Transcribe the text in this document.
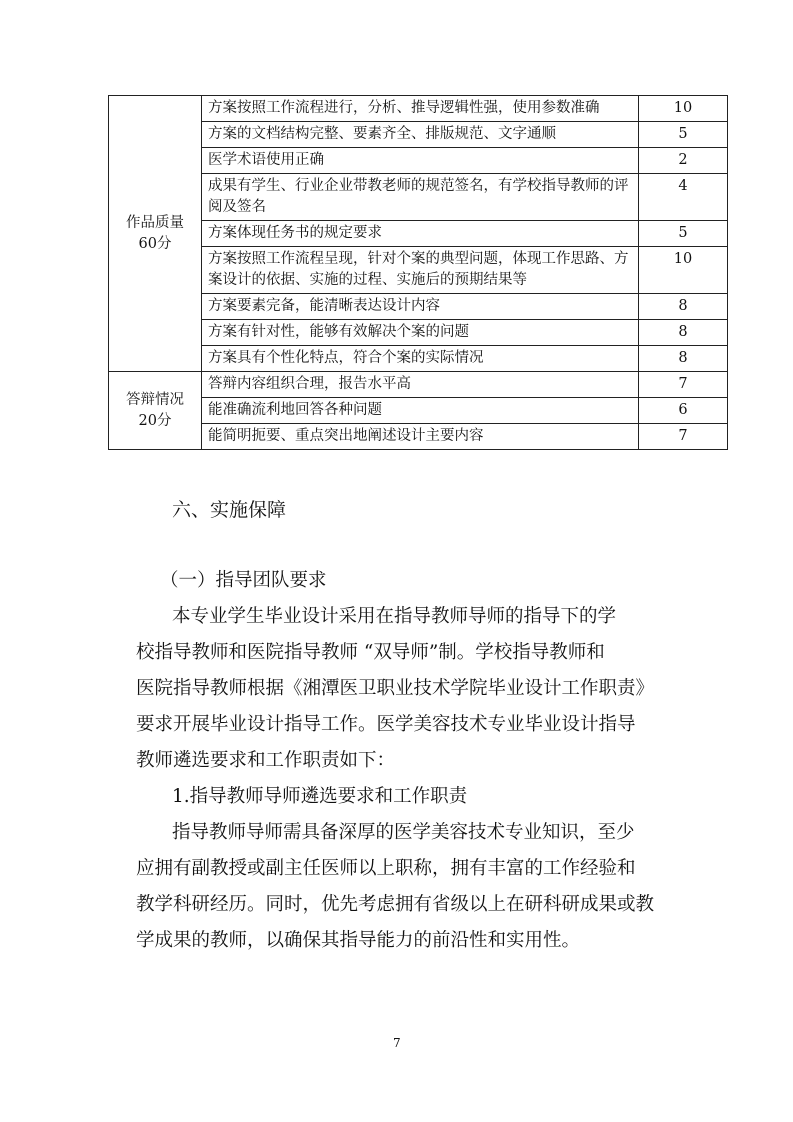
作品质量
60分	方案按照工作流程进行，分析、推导逻辑性强，使用参数准确	10
	方案的文档结构完整、要素齐全、排版规范、文字通顺	5
	医学术语使用正确	2
	成果有学生、行业企业带教老师的规范签名，有学校指导教师的评阅及签名	4
	方案体现任务书的规定要求	5
	方案按照工作流程呈现，针对个案的典型问题，体现工作思路、方案设计的依据、实施的过程、实施后的预期结果等	10
	方案要素完备，能清晰表达设计内容	8
	方案有针对性，能够有效解决个案的问题	8
	方案具有个性化特点，符合个案的实际情况	8

答辩情况
20分	答辩内容组织合理，报告水平高	7
	能准确流利地回答各种问题	6
	能简明扼要、重点突出地阐述设计主要内容	7
六、实施保障
（一）指导团队要求
本专业学生毕业设计采用在指导教师导师的指导下的学
校指导教师和医院指导教师 “双导师”制。学校指导教师和
医院指导教师根据《湘潭医卫职业技术学院毕业设计工作职责》
要求开展毕业设计指导工作。医学美容技术专业毕业设计指导
教师遴选要求和工作职责如下：
1.指导教师导师遴选要求和工作职责
指导教师导师需具备深厚的医学美容技术专业知识，至少
应拥有副教授或副主任医师以上职称，拥有丰富的工作经验和
教学科研经历。同时，优先考虑拥有省级以上在研科研成果或教
学成果的教师，以确保其指导能力的前沿性和实用性。
7
